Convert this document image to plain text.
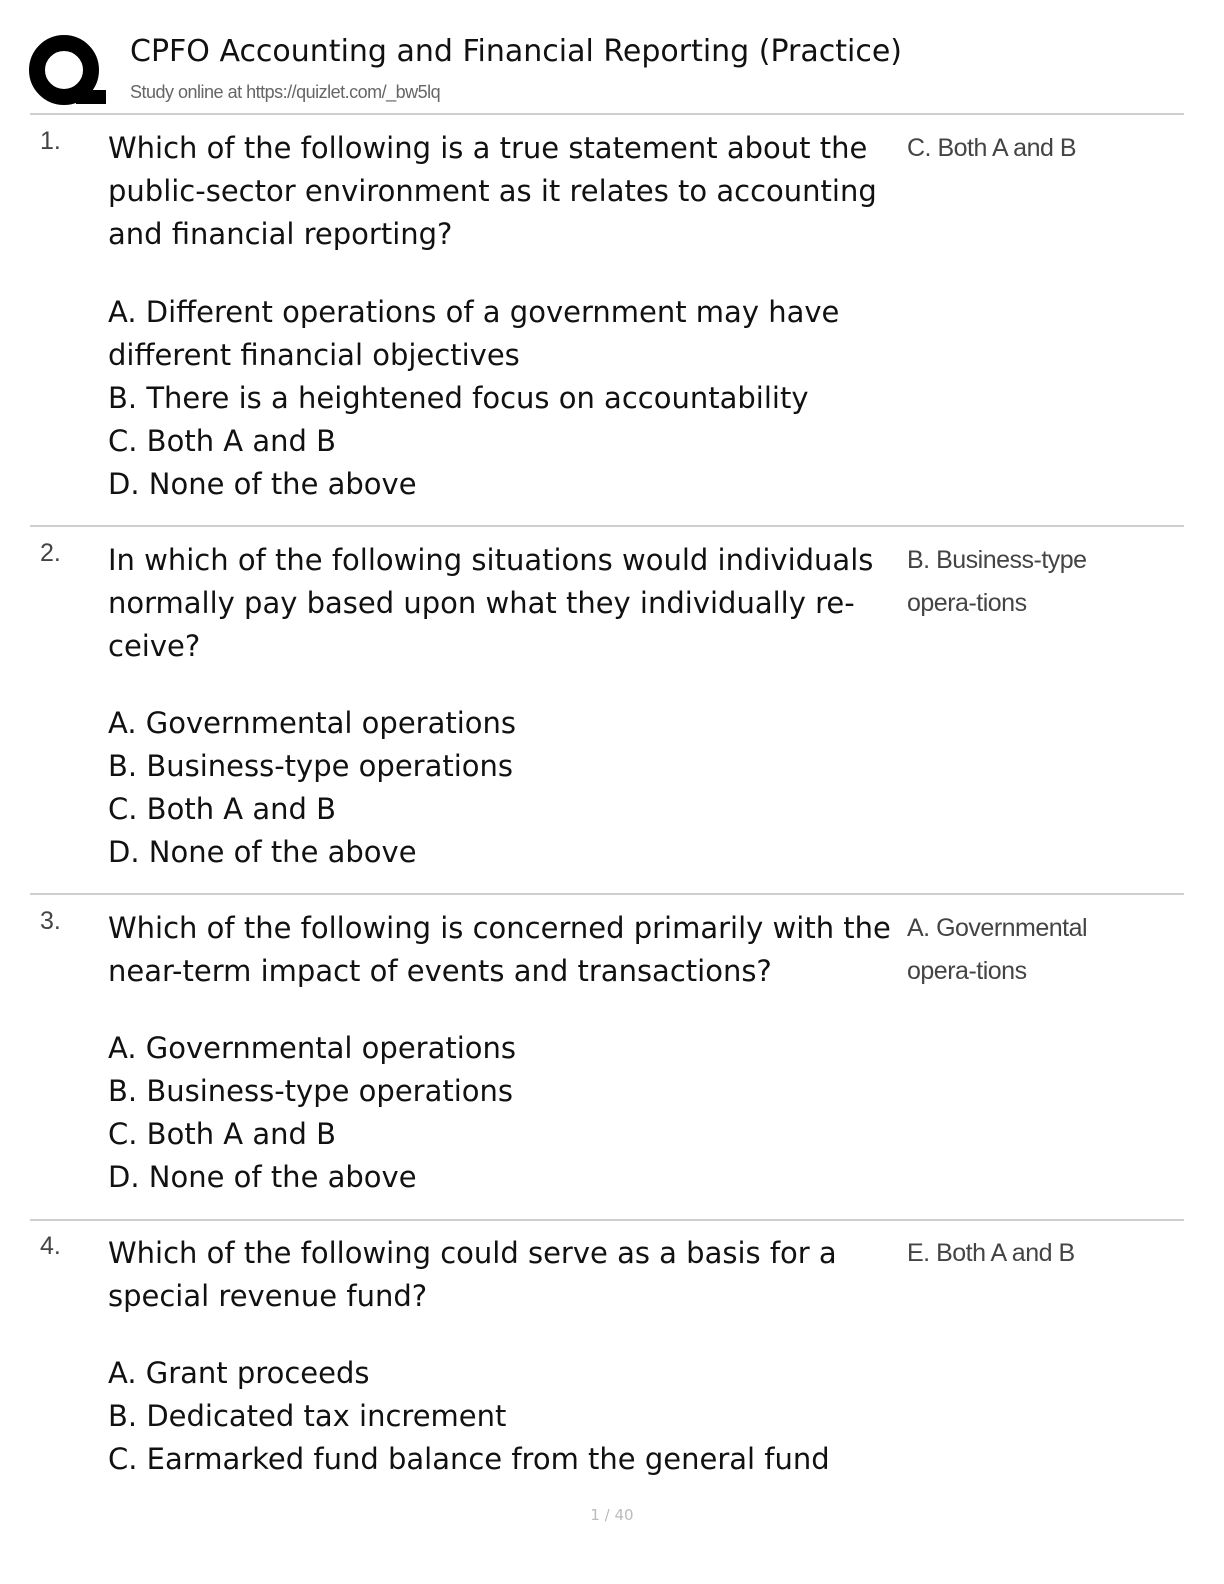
CPFO Accounting and Financial Reporting (Practice)
Study online at https://quizlet.com/_bw5lq
1. Which of the following is a true statement about the public-sector environment as it relates to accounting and financial reporting?
A. Different operations of a government may have
different financial objectives
B. There is a heightened focus on accountability
C. Both A and B
D. None of the above
C. Both A and B
2. In which of the following situations would individuals normally pay based upon what they individually re-ceive?
A. Governmental operations
B. Business-type operations
C. Both A and B
D. None of the above
B. Business-type opera-tions
3. Which of the following is concerned primarily with the near-term impact of events and transactions?
A. Governmental operations
B. Business-type operations
C. Both A and B
D. None of the above
A. Governmental opera-tions
4. Which of the following could serve as a basis for a special revenue fund?
A. Grant proceeds
B. Dedicated tax increment
C. Earmarked fund balance from the general fund
E. Both A and B
1 / 40
